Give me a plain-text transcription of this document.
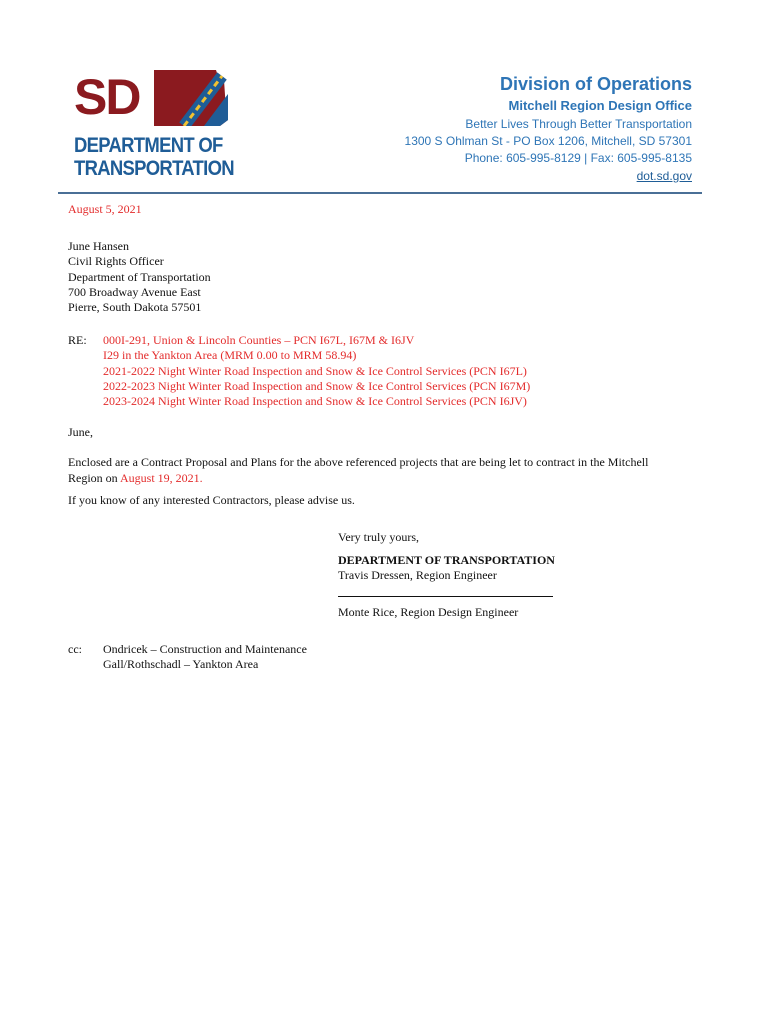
SD
DEPARTMENT OF
TRANSPORTATION
Division of Operations
Mitchell Region Design Office
Better Lives Through Better Transportation
1300 S Ohlman St - PO Box 1206, Mitchell, SD 57301
Phone: 605-995-8129 | Fax: 605-995-8135
dot.sd.gov
August 5, 2021
June Hansen
Civil Rights Officer
Department of Transportation
700 Broadway Avenue East
Pierre, South Dakota 57501
RE:	000I-291, Union & Lincoln Counties – PCN I67L, I67M & I6JV
I29 in the Yankton Area (MRM 0.00 to MRM 58.94)
2021-2022 Night Winter Road Inspection and Snow & Ice Control Services (PCN I67L)
2022-2023 Night Winter Road Inspection and Snow & Ice Control Services (PCN I67M)
2023-2024 Night Winter Road Inspection and Snow & Ice Control Services (PCN I6JV)
June,
Enclosed are a Contract Proposal and Plans for the above referenced projects that are being let to contract in the Mitchell
Region on August 19, 2021.
If you know of any interested Contractors, please advise us.
Very truly yours,
DEPARTMENT OF TRANSPORTATION
Travis Dressen, Region Engineer
Monte Rice, Region Design Engineer
cc:	Ondricek – Construction and Maintenance
Gall/Rothschadl – Yankton Area
